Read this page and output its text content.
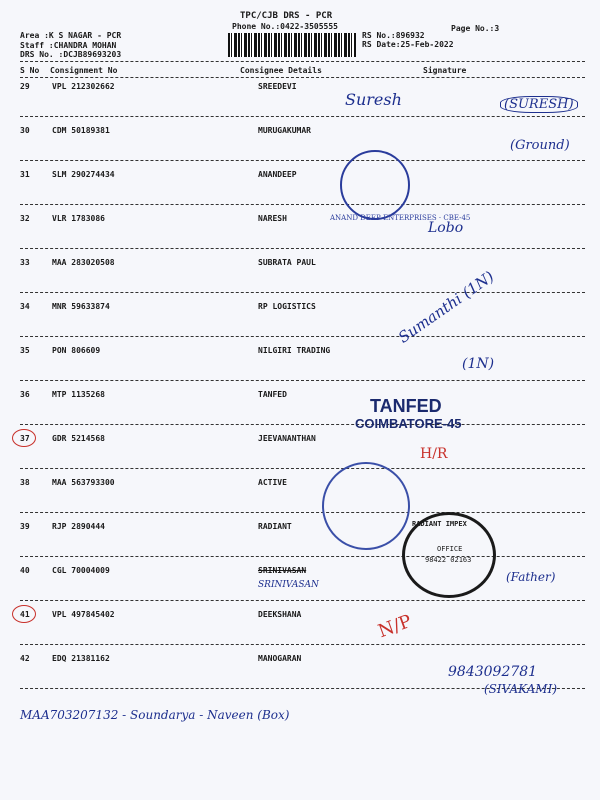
Area :K S NAGAR - PCR
Staff :CHANDRA MOHAN
DRS No. :DCJB89693203
TPC/CJB DRS - PCR
Phone No.:0422-3505555
RS No.:896932
RS Date:25-Feb-2022
Page No.:3
S No Consignment No	Consignee Details	Signature
29	VPL 212302662	SREEDEVI
30	CDM 50189381	MURUGAKUMAR
31	SLM 290274434	ANANDEEP
32	VLR 1783086	NARESH
33	MAA 283020508	SUBRATA PAUL
34	MNR 59633874	RP LOGISTICS
35	PON 806609	NILGIRI TRADING
36	MTP 1135268	TANFED
37	GDR 5214568	JEEVANANTHAN
38	MAA 563793300	ACTIVE
39	RJP 2890444	RADIANT
40	CGL 70004009	SRINIVASAN
41	VPL 497845402	DEEKSHANA
42	EDQ 21381162	MANOGARAN
Suresh	(SURESH)
(Ground)
ANAND DEEP ENTERPRISES · CBE-45
Lobo
Sumanthi (1N)
(1N)
TANFED
COIMBATORE-45
H/R
RADIANT IMPEX
OFFICE
98422 02163
SRINIVASAN
(Father)
N/P
9843092781
(SIVAKAMI)
MAA703207132 - Soundarya - Naveen (Box)
